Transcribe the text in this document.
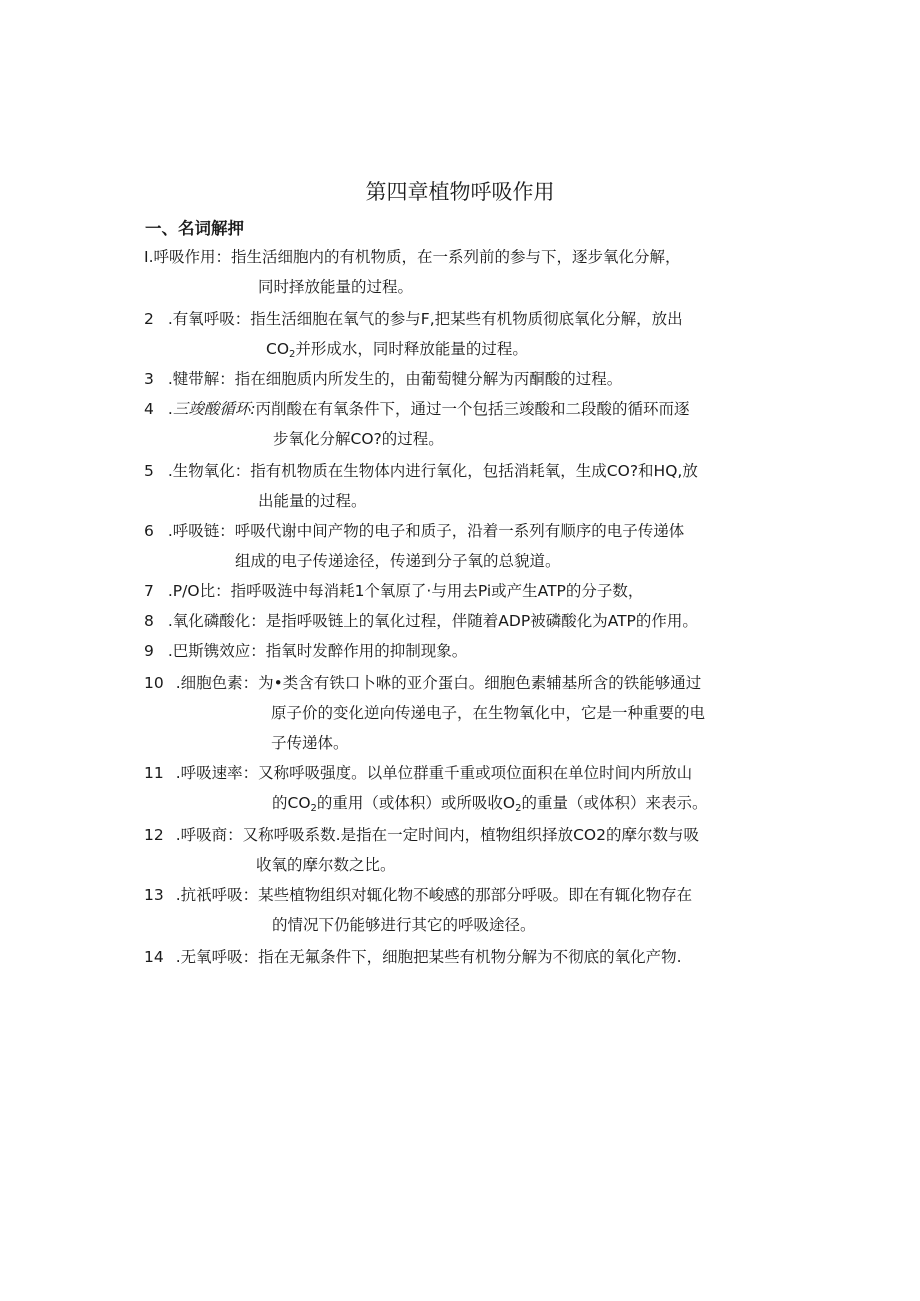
第四章植物呼吸作用
一、名词解押
I.呼吸作用：指生活细胞内的有机物质，在一系列前的参与下，逐步氧化分解，
同时择放能量的过程。
2 .有氧呼吸：指生活细胞在氧气的参与F,把某些有机物质彻底氧化分解，放出
$CO_2$并形成水，同时释放能量的过程。
3 .犍带解：指在细胞质内所发生的，由葡萄犍分解为丙酮酸的过程。
4 .三竣酸循环:丙削酸在有氧条件下，通过一个包括三竣酸和二段酸的循环而逐
步氧化分解CO?的过程。
5 .生物氧化：指有机物质在生物体内进行氧化，包括消耗氧，生成CO?和HQ,放
出能量的过程。
6 .呼吸链：呼吸代谢中间产物的电子和质子，沿着一系列有顺序的电子传递体
组成的电子传递途径，传递到分子氧的总貌道。
7 .P/O比：指呼吸涟中每消耗1个氧原了·与用去Pi或产生ATP的分子数，
8 .氧化磷酸化：是指呼吸链上的氧化过程，伴随着ADP被磷酸化为ATP的作用。
9 .巴斯镌效应：指氧时发醉作用的抑制现象。
10 .细胞色素：为•类含有铁口卜咻的亚介蛋白。细胞色素辅基所含的铁能够通过
原子价的变化逆向传递电子，在生物氧化中，它是一种重要的电
子传递体。
11 .呼吸速率：又称呼吸强度。以单位群重千重或项位面积在单位时间内所放山
的$CO_2$的重用（或体积）或所吸收$O_2$的重量（或体积）来表示。
12 .呼吸商：又称呼吸系数.是指在一定时间内，植物组织择放CO2的摩尔数与吸
收氧的摩尔数之比。
13 .抗祇呼吸：某些植物组织对辄化物不峻感的那部分呼吸。即在有辄化物存在
的情况下仍能够进行其它的呼吸途径。
14 .无氧呼吸：指在无氟条件下，细胞把某些有机物分解为不彻底的氧化产物.
